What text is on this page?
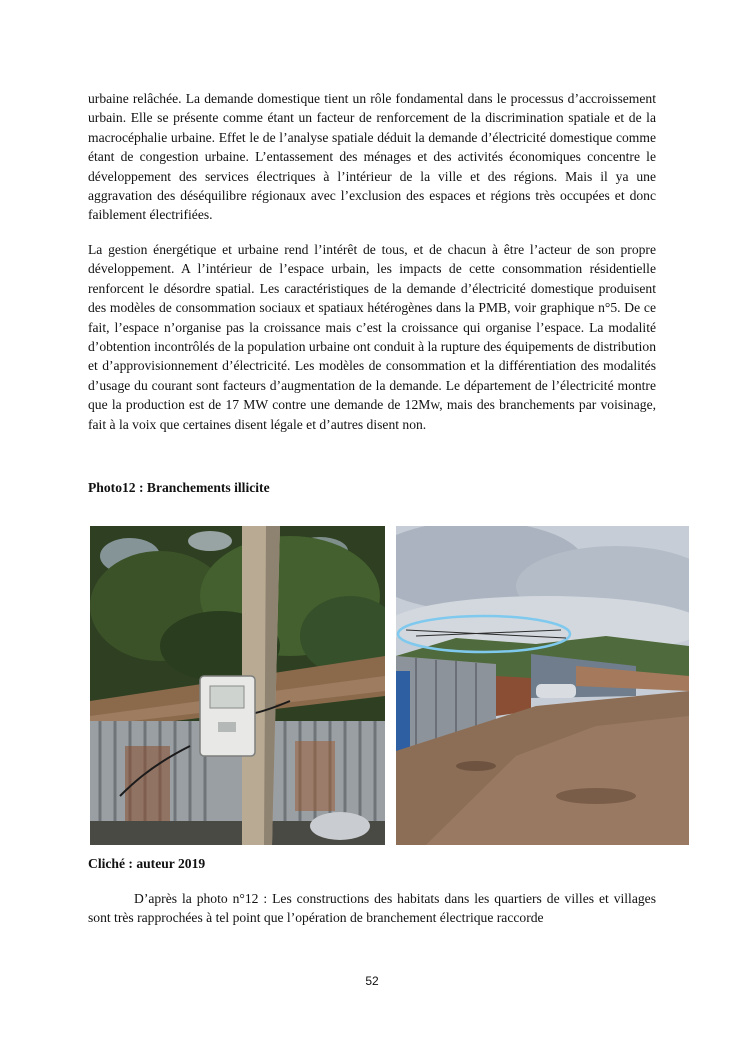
urbaine relâchée. La demande domestique tient un rôle fondamental dans le processus d’accroissement urbain. Elle se présente comme étant un facteur de renforcement de la discrimination spatiale et de la macrocéphalie urbaine. Effet le de l’analyse spatiale déduit la demande d’électricité domestique comme étant de congestion urbaine. L’entassement des ménages et des activités économiques concentre le développement des services électriques à l’intérieur de la ville et des régions. Mais il ya une aggravation des déséquilibre régionaux avec l’exclusion des espaces et régions très occupées et donc faiblement électrifiées.

La gestion énergétique et urbaine rend l’intérêt de tous, et de chacun à être l’acteur de son propre développement. A l’intérieur de l’espace urbain, les impacts de cette consommation résidentielle renforcent le désordre spatial. Les caractéristiques de la demande d’électricité domestique produisent des modèles de consommation sociaux et spatiaux hétérogènes dans la PMB, voir graphique n°5. De ce fait, l’espace n’organise pas la croissance mais c’est la croissance qui organise l’espace. La modalité d’obtention incontrôlés de la population urbaine ont conduit à la rupture des équipements de distribution et d’approvisionnement d’électricité. Les modèles de consommation et la différentiation des modalités d’usage du courant sont facteurs d’augmentation de la demande. Le département de l’électricité montre que la production est de 17 MW contre une demande de 12Mw, mais des branchements par voisinage, fait à la voix que certaines disent légale et d’autres disent non.

Photo12 : Branchements illicite

Cliché : auteur 2019

D’après la photo n°12 : Les constructions des habitats dans les quartiers de villes et villages sont très rapprochées à tel point que l’opération de branchement électrique raccorde

52
